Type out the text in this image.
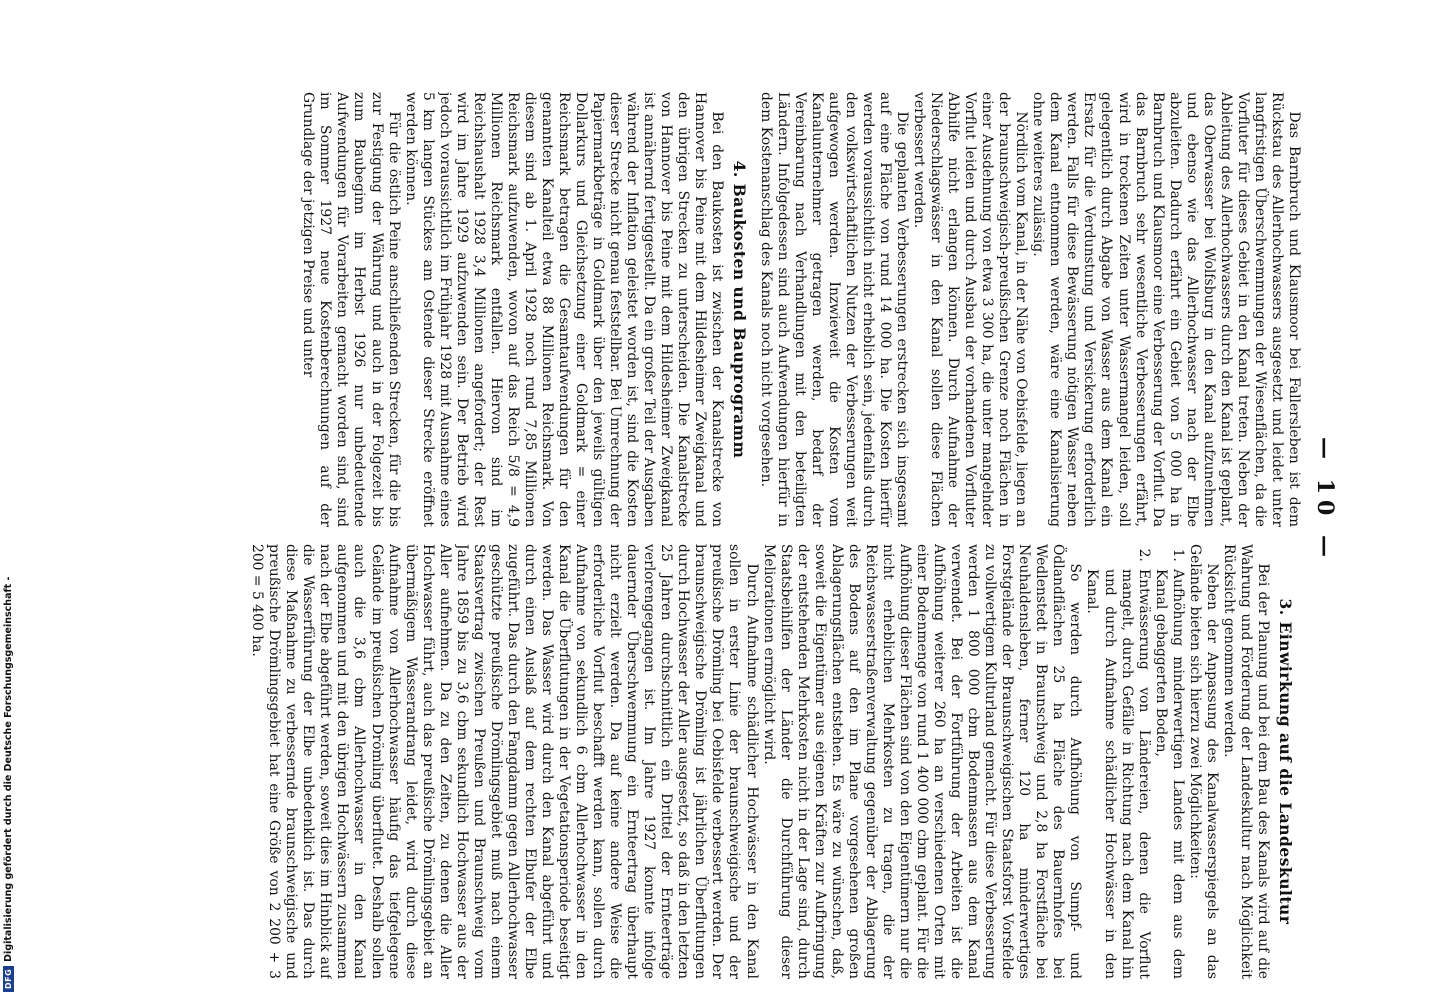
DFG
Digitalisierung gefördert durch die Deutsche Forschungsgemeinschaft -
— 10 —

Das Barnbruch und Klausmoor bei Fallersleben ist dem Rückstau des Allerhochwassers ausgesetzt und leidet unter langfristigen Überschwemmungen der Wiesenflächen, da die Vorfluter für dieses Gebiet in den Kanal treten. Neben der Ableitung des Allerhochwassers durch den Kanal ist geplant, das Oberwasser bei Wolfsburg in den Kanal aufzunehmen und ebenso wie das Allerhochwasser nach der Elbe abzuleiten. Dadurch erfährt ein Gebiet von 5 000 ha in Barnbruch und Klausmoor eine Verbesserung der Vorflut. Da das Barnbruch sehr wesentliche Verbesserungen erfährt, wird in trockenen Zeiten unter Wassermangel leiden, soll gelegentlich durch Abgabe von Wasser aus dem Kanal ein Ersatz für die Verdunstung und Versickerung erforderlich werden. Falls für diese Bewässerung nötigen Wasser neben dem Kanal entnommen werden, wäre eine Kanalisierung ohne weiteres zulässig.

Nördlich vom Kanal, in der Nähe von Oebisfelde, liegen an der braunschweigisch-preußischen Grenze noch Flächen in einer Ausdehnung von etwa 3 300 ha, die unter mangelnder Vorflut leiden und durch Ausbau der vorhandenen Vorfluter Abhilfe nicht erlangen können. Durch Aufnahme der Niederschlagswässer in den Kanal sollen diese Flächen verbessert werden.

Die geplanten Verbesserungen erstrecken sich insgesamt auf eine Fläche von rund 14 000 ha. Die Kosten hierfür werden voraussichtlich nicht erheblich sein, jedenfalls durch den volkswirtschaftlichen Nutzen der Verbesserungen weit aufgewogen werden. Inzwieweit die Kosten vom Kanalunternehmer getragen werden, bedarf der Vereinbarung nach Verhandlungen mit den beteiligten Ländern. Infolgedessen sind auch Aufwendungen hierfür in dem Kostenanschlag des Kanals noch nicht vorgesehen.

4. Baukosten und Bauprogramm

Bei den Baukosten ist zwischen der Kanalstrecke von Hannover bis Peine mit dem Hildesheimer Zweigkanal und den übrigen Strecken zu unterscheiden. Die Kanalstrecke von Hannover bis Peine mit dem Hildesheimer Zweigkanal ist annähernd fertiggestellt. Da ein großer Teil der Ausgaben während der Inflation geleistet worden ist, sind die Kosten dieser Strecke nicht genau feststellbar. Bei Umrechnung der Papiermarkbeträge in Goldmark über den jeweils gültigen Dollarkurs und Gleichsetzung einer Goldmark = einer Reichsmark betragen die Gesamtaufwendungen für den genannten Kanalteil etwa 88 Millionen Reichsmark. Von diesem sind ab 1. April 1928 noch rund 7,85 Millionen Reichsmark aufzuwenden, wovon auf das Reich 5/8 = 4,9 Millionen Reichsmark entfallen. Hiervon sind im Reichshaushalt 1928 3,4 Millionen angefordert; der Rest wird im Jahre 1929 aufzuwenden sein. Der Betrieb wird jedoch voraussichtlich im Frühjahr 1928 mit Ausnahme eines 5 km langen Stückes am Ostende dieser Strecke eröffnet werden können.

Für die östlich Peine anschließenden Strecken, für die bis zur Festigung der Währung und auch in der Folgezeit bis zum Baubeginn im Herbst 1926 nur unbedeutende Aufwendungen für Vorarbeiten gemacht worden sind, sind im Sommer 1927 neue Kostenberechnungen auf der Grundlage der jetzigen Preise und unter

3. Einwirkung auf die Landeskultur

Bei der Planung und bei dem Bau des Kanals wird auf die Wahrung und Förderung der Landeskultur nach Möglichkeit Rücksicht genommen werden.

Neben der Anpassung des Kanalwasserspiegels an das Gelände bieten sich hierzu zwei Möglichkeiten:

1. Aufhöhung minderwertigen Landes mit dem aus dem Kanal gebaggerten Boden,
2. Entwässerung von Ländereien, denen die Vorflut mangelt, durch Gefälle in Richtung nach dem Kanal hin und durch Aufnahme schädlicher Hochwässer in den Kanal.

So werden durch Aufhöhung von Sumpf- und Ödlandflächen 25 ha Fläche des Bauernhofes bei Wedlenstedt in Braunschweig und 2,8 ha Forstfläche bei Neuhaldensleben, ferner 120 ha minderwertiges Forstgelände der Braunschweigischen Staatsforst Vorsfelde zu vollwertigem Kulturland gemacht. Für diese Verbesserung werden 1 800 000 cbm Bodenmassen aus dem Kanal verwendet. Bei der Fortführung der Arbeiten ist die Aufhöhung weiterer 260 ha an verschiedenen Orten mit einer Bodenmenge von rund 1 400 000 cbm geplant. Für die Aufhöhung dieser Flächen sind von den Eigentümern nur die nicht erheblichen Mehrkosten zu tragen, die der Reichswasserstraßenverwaltung gegenüber der Ablagerung des Bodens auf den im Plane vorgesehenen großen Ablagerungsflächen entstehen. Es wäre zu wünschen, daß, soweit die Eigentümer aus eigenen Kräften zur Aufbringung der entstehenden Mehrkosten nicht in der Lage sind, durch Staatsbeihilfen der Länder die Durchführung dieser Meliorationen ermöglicht wird.

Durch Aufnahme schädlicher Hochwässer in den Kanal sollen in erster Linie der braunschweigische und der preußische Drömling bei Oebisfelde verbessert werden. Der braunschweigische Drömling ist jährlichen Überflutungen durch Hochwasser der Aller ausgesetzt, so daß in den letzten 25 Jahren durchschnittlich ein Drittel der Ernteerträge verlorengegangen ist. Im Jahre 1927 konnte infolge dauernder Überschwemmung ein Ernteertrag überhaupt nicht erzielt werden. Da auf keine andere Weise die erforderliche Vorflut beschafft werden kann, sollen durch Aufnahme von sekundlich 6 cbm Allerhochwasser in den Kanal die Überflutungen in der Vegetationsperiode beseitigt werden. Das Wasser wird durch den Kanal abgeführt und durch einen Auslaß auf dem rechten Elbufer der Elbe zugeführt. Das durch den Fangdamm gegen Allerhochwasser geschützte preußische Drömlingsgebiet muß nach einem Staatsvertrag zwischen Preußen und Braunschweig vom Jahre 1859 bis zu 3,6 cbm sekundlich Hochwasser aus der Aller aufnehmen. Da zu den Zeiten, zu denen die Aller Hochwasser führt, auch das preußische Drömlingsgebiet an übermäßigem Wasserandrang leidet, wird durch diese Aufnahme von Allerhochwasser häufig das tiefgelegene Gelände im preußischen Drömling überflutet. Deshalb sollen auch die 3,6 cbm Allerhochwasser in den Kanal aufgenommen und mit den übrigen Hochwässern zusammen nach der Elbe abgeführt werden, soweit dies im Hinblick auf die Wasserführung der Elbe unbedenklich ist. Das durch diese Maßnahme zu verbessernde braunschweigische und preußische Drömlingsgebiet hat eine Größe von 2 200 + 3 200 = 5 400 ha.
